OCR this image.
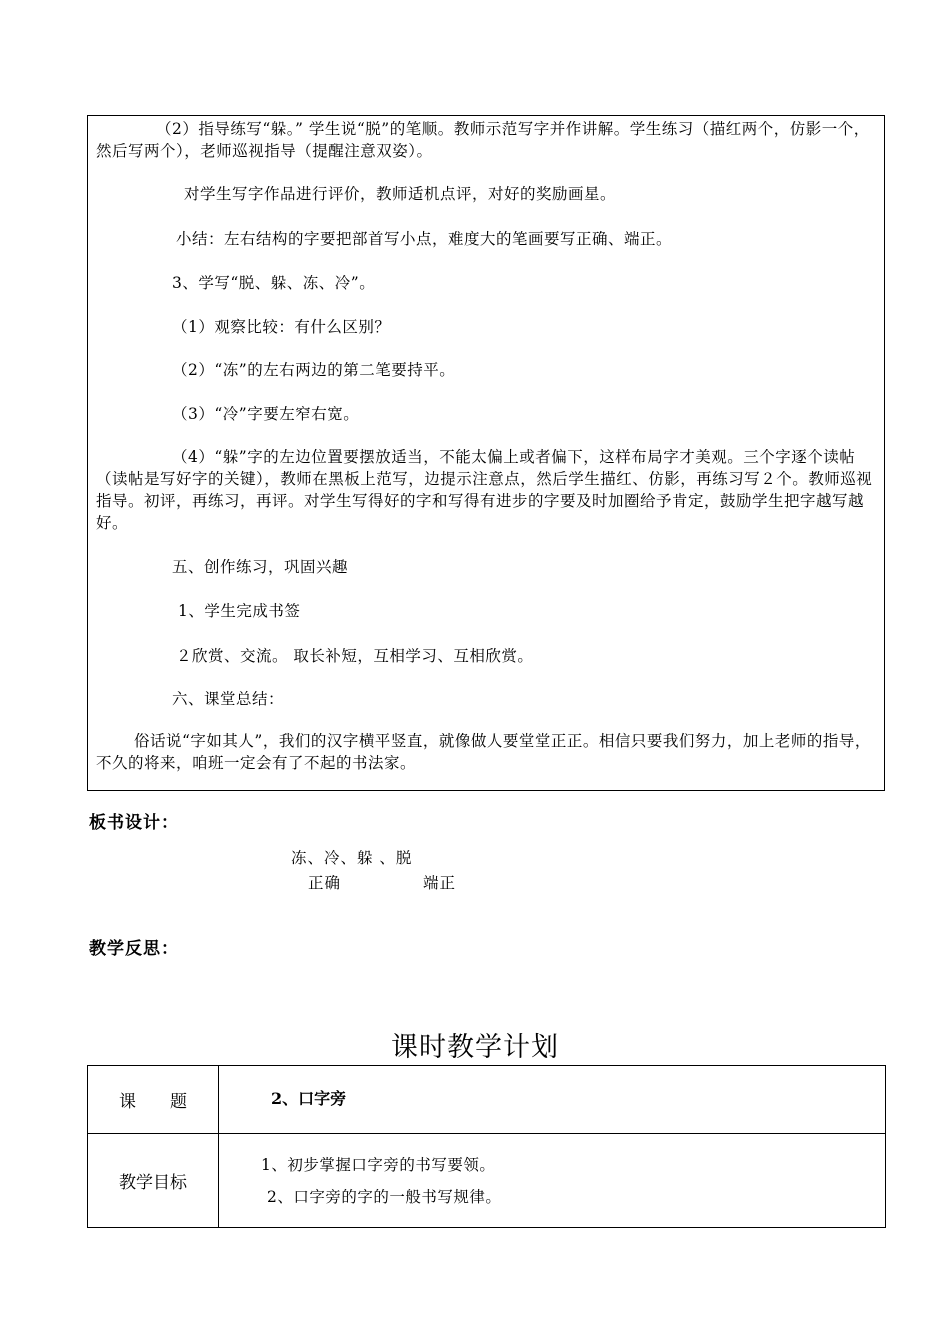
（2）指导练写“躲。” 学生说“脱”的笔顺。教师示范写字并作讲解。学生练习（描红两个，仿影一个，然后写两个），老师巡视指导（提醒注意双姿）。
对学生写字作品进行评价，教师适机点评，对好的奖励画星。
小结：左右结构的字要把部首写小点，难度大的笔画要写正确、端正。
3、学写“脱、躲、冻、冷”。
（1）观察比较：有什么区别？
（2）“冻”的左右两边的第二笔要持平。
（3）“冷”字要左窄右宽。
（4）“躲”字的左边位置要摆放适当，不能太偏上或者偏下，这样布局字才美观。三个字逐个读帖（读帖是写好字的关键），教师在黑板上范写，边提示注意点，然后学生描红、仿影，再练习写２个。教师巡视指导。初评，再练习，再评。对学生写得好的字和写得有进步的字要及时加圈给予肯定，鼓励学生把字越写越好。
五、创作练习，巩固兴趣
1、学生完成书签
２欣赏、交流。 取长补短，互相学习、互相欣赏。
六、课堂总结：
俗话说“字如其人”，我们的汉字横平竖直，就像做人要堂堂正正。相信只要我们努力，加上老师的指导，不久的将来，咱班一定会有了不起的书法家。
板书设计：
冻、冷、躲 、脱
正确	端正
教学反思：
课时教学计划
课　　题	2、口字旁
教学目标	1、初步掌握口字旁的书写要领。
2、口字旁的字的一般书写规律。
